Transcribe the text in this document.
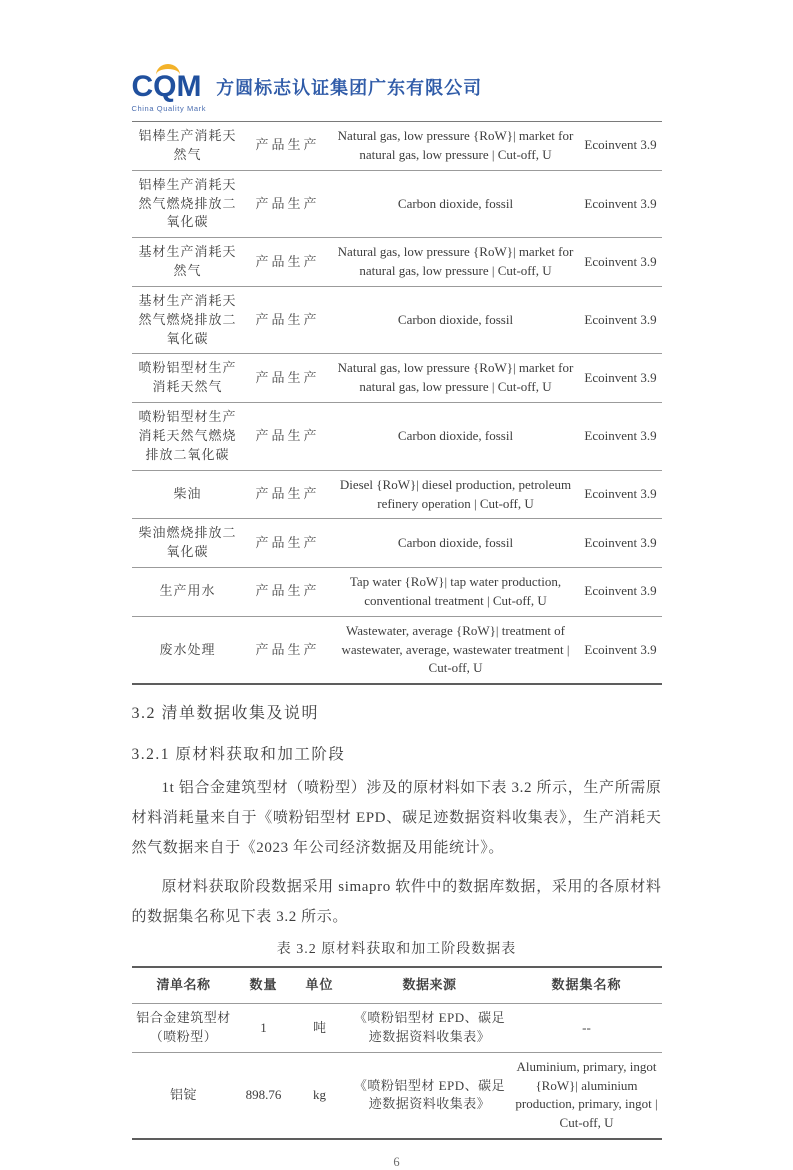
CQM
China Quality Mark
方圆标志认证集团广东有限公司
铝棒生产消耗天然气	产品生产	Natural gas, low pressure {RoW}| market for natural gas, low pressure | Cut-off, U	Ecoinvent 3.9
铝棒生产消耗天然气燃烧排放二氧化碳	产品生产	Carbon dioxide, fossil	Ecoinvent 3.9
基材生产消耗天然气	产品生产	Natural gas, low pressure {RoW}| market for natural gas, low pressure | Cut-off, U	Ecoinvent 3.9
基材生产消耗天然气燃烧排放二氧化碳	产品生产	Carbon dioxide, fossil	Ecoinvent 3.9
喷粉铝型材生产消耗天然气	产品生产	Natural gas, low pressure {RoW}| market for natural gas, low pressure | Cut-off, U	Ecoinvent 3.9
喷粉铝型材生产消耗天然气燃烧排放二氧化碳	产品生产	Carbon dioxide, fossil	Ecoinvent 3.9
柴油	产品生产	Diesel {RoW}| diesel production, petroleum refinery operation | Cut-off, U	Ecoinvent 3.9
柴油燃烧排放二氧化碳	产品生产	Carbon dioxide, fossil	Ecoinvent 3.9
生产用水	产品生产	Tap water {RoW}| tap water production, conventional treatment | Cut-off, U	Ecoinvent 3.9
废水处理	产品生产	Wastewater, average {RoW}| treatment of wastewater, average, wastewater treatment | Cut-off, U	Ecoinvent 3.9
3.2 清单数据收集及说明
3.2.1 原材料获取和加工阶段

1t 铝合金建筑型材（喷粉型）涉及的原材料如下表 3.2 所示，生产所需原材料消耗量来自于《喷粉铝型材 EPD、碳足迹数据资料收集表》，生产消耗天然气数据来自于《2023 年公司经济数据及用能统计》。

原材料获取阶段数据采用 simapro 软件中的数据库数据，采用的各原材料的数据集名称见下表 3.2 所示。

表 3.2 原材料获取和加工阶段数据表
清单名称	数量	单位	数据来源	数据集名称
铝合金建筑型材（喷粉型）	1	吨	《喷粉铝型材 EPD、碳足迹数据资料收集表》	--
铝锭	898.76	kg	《喷粉铝型材 EPD、碳足迹数据资料收集表》	Aluminium, primary, ingot {RoW}| aluminium production, primary, ingot | Cut-off, U
6
